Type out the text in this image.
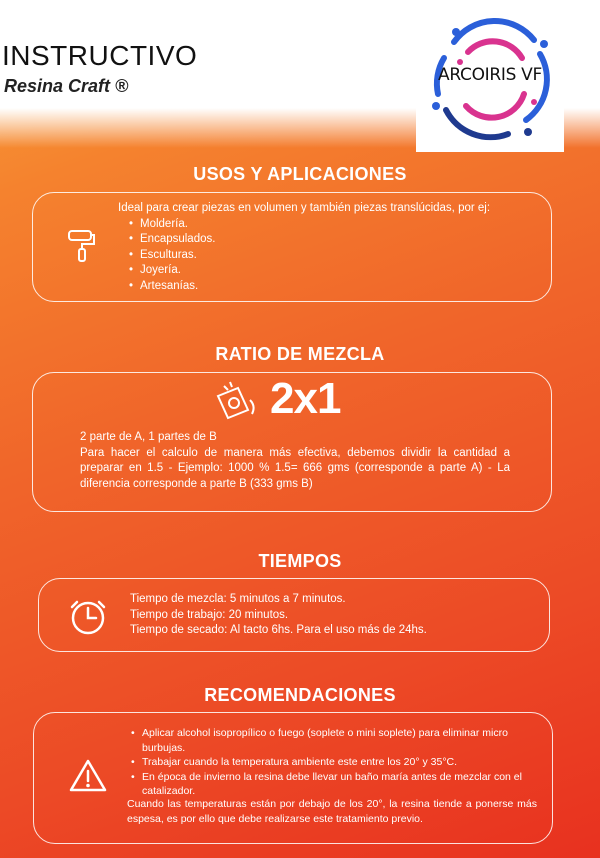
INSTRUCTIVO
Resina Craft ®
ARCOIRIS VF
USOS Y APLICACIONES
Ideal para crear piezas en volumen y también piezas translúcidas, por ej:
• Moldería.
• Encapsulados.
• Esculturas.
• Joyería.
• Artesanías.
RATIO DE MEZCLA
2x1
2 parte de A, 1 partes de B
Para hacer el calculo de manera más efectiva, debemos dividir la cantidad a preparar en 1.5 - Ejemplo: 1000 % 1.5= 666 gms (corresponde a parte A) - La diferencia corresponde a parte B (333 gms B)
TIEMPOS
Tiempo de mezcla: 5 minutos a 7 minutos.
Tiempo de trabajo: 20 minutos.
Tiempo de secado: Al tacto 6hs. Para el uso más de 24hs.
RECOMENDACIONES
• Aplicar alcohol isopropílico o fuego (soplete o mini soplete) para eliminar micro burbujas.
• Trabajar cuando la temperatura ambiente este entre los 20° y 35°C.
• En época de invierno la resina debe llevar un baño maría antes de mezclar con el catalizador.
Cuando las temperaturas están por debajo de los 20°, la resina tiende a ponerse más espesa, es por ello que debe realizarse este tratamiento previo.
